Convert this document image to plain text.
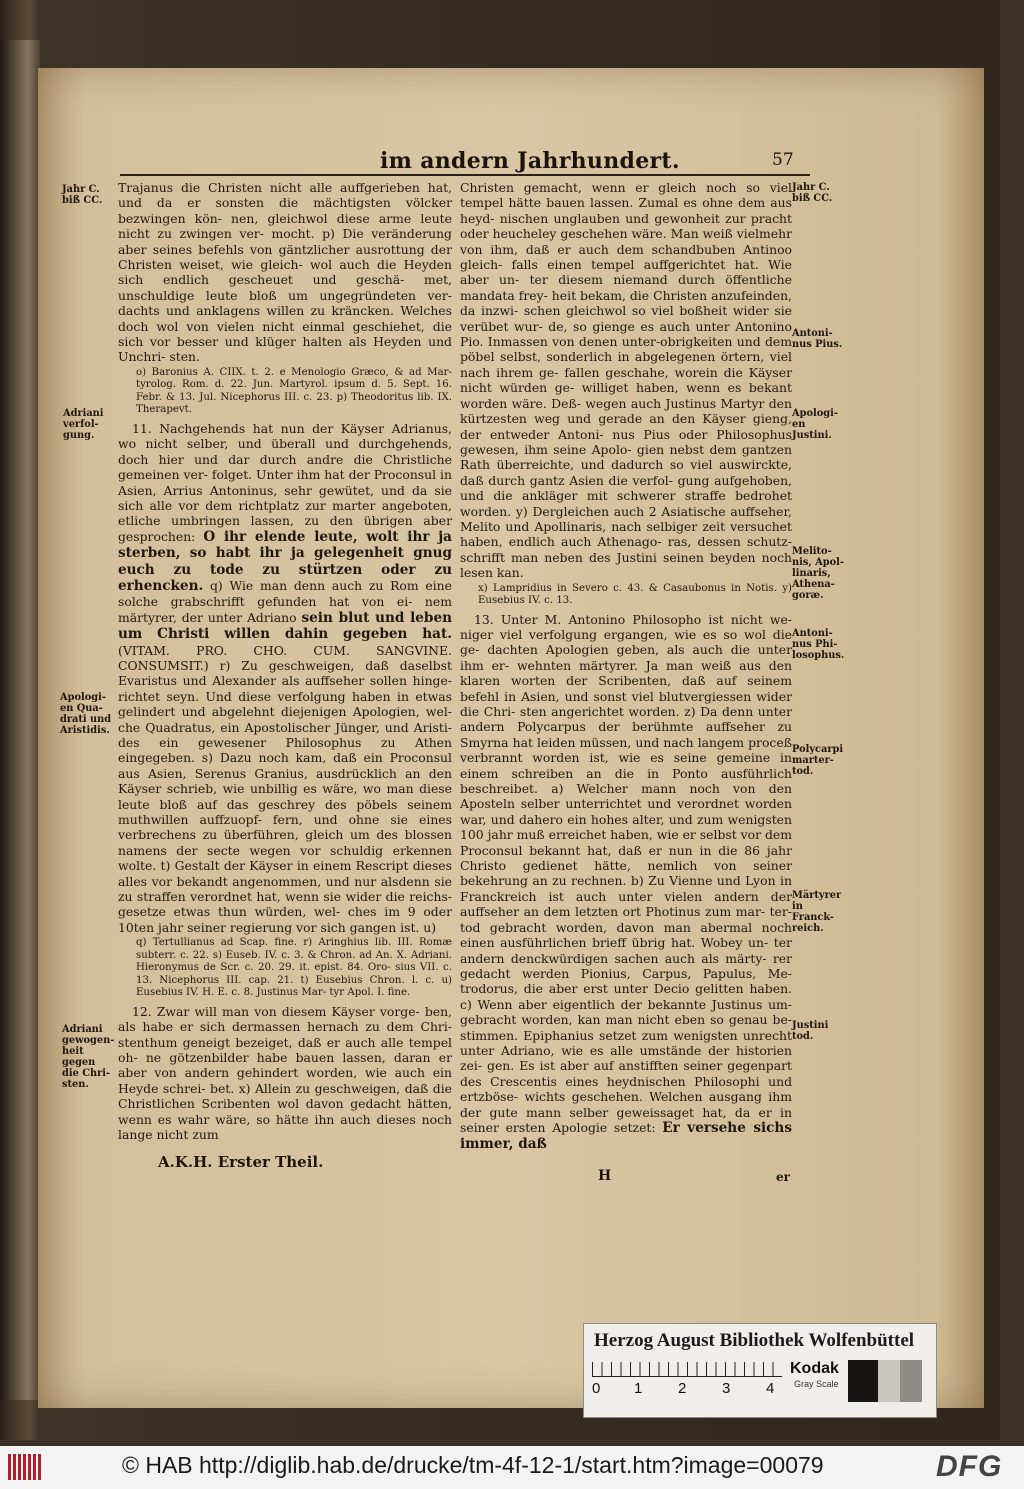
im andern Jahrhundert.	57
Jahr C. biß CC.
Adriani verfol- gung.
Apologi- en Qua- drati und Aristidis.
Adriani gewogen- heit gegen die Chri- sten.
Jahr C. biß CC.
Antoni- nus Pius.
Apologi- en Justini.
Melito- nis, Apol- linaris, Athena- goræ.
Antoni- nus Phi- losophus.
Polycarpi marter- tod.
Märtyrer in Franck- reich.
Justini tod.

Trajanus die Christen nicht alle auffgerieben hat, und da er sonsten die mächtigsten völcker bezwingen kön- nen, gleichwol diese arme leute nicht zu zwingen ver- mocht. p) Die veränderung aber seines befehls von gäntzlicher ausrottung der Christen weiset, wie gleich- wol auch die Heyden sich endlich gescheuet und geschä- met, unschuldige leute bloß um ungegründeten ver- dachts und anklagens willen zu kräncken. Welches doch wol von vielen nicht einmal geschiehet, die sich vor besser und klüger halten als Heyden und Unchri- sten.

o) Baronius A. CIIX. t. 2. e Menologio Græco, & ad Mar- tyrolog. Rom. d. 22. Jun. Martyrol. ipsum d. 5. Sept. 16. Febr. & 13. Jul. Nicephorus III. c. 23. p) Theodoritus lib. IX. Therapevt.

11. Nachgehends hat nun der Käyser Adrianus, wo nicht selber, und überall und durchgehends, doch hier und dar durch andre die Christliche gemeinen ver- folget. Unter ihm hat der Proconsul in Asien, Arrius Antoninus, sehr gewütet, und da sie sich alle vor dem richtplatz zur marter angeboten, etliche umbringen lassen, zu den übrigen aber gesprochen: O ihr elende leute, wolt ihr ja sterben, so habt ihr ja gelegenheit gnug euch zu tode zu stürtzen oder zu erhencken. q) Wie man denn auch zu Rom eine solche grabschrifft gefunden hat von ei- nem märtyrer, der unter Adriano sein blut und leben um Christi willen dahin gegeben hat. (VITAM. PRO. CHO. CUM. SANGVINE. CONSUMSIT.) r) Zu geschweigen, daß daselbst Evaristus und Alexander als auffseher sollen hinge- richtet seyn. Und diese verfolgung haben in etwas gelindert und abgelehnt diejenigen Apologien, wel- che Quadratus, ein Apostolischer Jünger, und Aristi- des ein gewesener Philosophus zu Athen eingegeben. s) Dazu noch kam, daß ein Proconsul aus Asien, Serenus Granius, ausdrücklich an den Käyser schrieb, wie unbillig es wäre, wo man diese leute bloß auf das geschrey des pöbels seinem muthwillen auffzuopf- fern, und ohne sie eines verbrechens zu überführen, gleich um des blossen namens der secte wegen vor schuldig erkennen wolte. t) Gestalt der Käyser in einem Rescript dieses alles vor bekandt angenommen, und nur alsdenn sie zu straffen verordnet hat, wenn sie wider die reichs-gesetze etwas thun würden, wel- ches im 9 oder 10ten jahr seiner regierung vor sich gangen ist. u)

q) Tertullianus ad Scap. fine. r) Aringhius lib. III. Romæ subterr. c. 22. s) Euseb. IV. c. 3. & Chron. ad An. X. Adriani. Hieronymus de Scr. c. 20. 29. it. epist. 84. Oro- sius VII. c. 13. Nicephorus III. cap. 21. t) Eusebius Chron. l. c. u) Eusebius IV. H. E. c. 8. Justinus Mar- tyr Apol. I. fine.

12. Zwar will man von diesem Käyser vorge- ben, als habe er sich dermassen hernach zu dem Chri- stenthum geneigt bezeiget, daß er auch alle tempel oh- ne götzenbilder habe bauen lassen, daran er aber von andern gehindert worden, wie auch ein Heyde schrei- bet. x) Allein zu geschweigen, daß die Christlichen Scribenten wol davon gedacht hätten, wenn es wahr wäre, so hätte ihn auch dieses noch lange nicht zum

Christen gemacht, wenn er gleich noch so viel tempel hätte bauen lassen. Zumal es ohne dem aus heyd- nischen unglauben und gewonheit zur pracht oder heucheley geschehen wäre. Man weiß vielmehr von ihm, daß er auch dem schandbuben Antinoo gleich- falls einen tempel auffgerichtet hat. Wie aber un- ter diesem niemand durch öffentliche mandata frey- heit bekam, die Christen anzufeinden, da inzwi- schen gleichwol so viel boßheit wider sie verübet wur- de, so gienge es auch unter Antonino Pio. Inmassen von denen unter-obrigkeiten und dem pöbel selbst, sonderlich in abgelegenen örtern, viel nach ihrem ge- fallen geschahe, worein die Käyser nicht würden ge- williget haben, wenn es bekant worden wäre. Deß- wegen auch Justinus Martyr den kürtzesten weg und gerade an den Käyser gieng, der entweder Antoni- nus Pius oder Philosophus gewesen, ihm seine Apolo- gien nebst dem gantzen Rath überreichte, und dadurch so viel auswirckte, daß durch gantz Asien die verfol- gung aufgehoben, und die ankläger mit schwerer straffe bedrohet worden. y) Dergleichen auch 2 Asiatische auffseher, Melito und Apollinaris, nach selbiger zeit versuchet haben, endlich auch Athenago- ras, dessen schutz-schrifft man neben des Justini seinen beyden noch lesen kan.

x) Lampridius in Severo c. 43. & Casaubonus in Notis. y) Eusebius IV. c. 13.

13. Unter M. Antonino Philosopho ist nicht we- niger viel verfolgung ergangen, wie es so wol die ge- dachten Apologien geben, als auch die unter ihm er- wehnten märtyrer. Ja man weiß aus den klaren worten der Scribenten, daß auf seinem befehl in Asien, und sonst viel blutvergiessen wider die Chri- sten angerichtet worden. z) Da denn unter andern Polycarpus der berühmte auffseher zu Smyrna hat leiden müssen, und nach langem proceß verbrannt worden ist, wie es seine gemeine in einem schreiben an die in Ponto ausführlich beschreibet. a) Welcher mann noch von den Aposteln selber unterrichtet und verordnet worden war, und dahero ein hohes alter, und zum wenigsten 100 jahr muß erreichet haben, wie er selbst vor dem Proconsul bekannt hat, daß er nun in die 86 jahr Christo gedienet hätte, nemlich von seiner bekehrung an zu rechnen. b) Zu Vienne und Lyon in Franckreich ist auch unter vielen andern der auffseher an dem letzten ort Photinus zum mar- ter-tod gebracht worden, davon man abermal noch einen ausführlichen brieff übrig hat. Wobey un- ter andern denckwürdigen sachen auch als märty- rer gedacht werden Pionius, Carpus, Papulus, Me- trodorus, die aber erst unter Decio gelitten haben. c) Wenn aber eigentlich der bekannte Justinus um- gebracht worden, kan man nicht eben so genau be- stimmen. Epiphanius setzet zum wenigsten unrecht unter Adriano, wie es alle umstände der historien zei- gen. Es ist aber auf anstifften seiner gegenpart des Crescentis eines heydnischen Philosophi und ertzböse- wichts geschehen. Welchen ausgang ihm der gute mann selber geweissaget hat, da er in seiner ersten Apologie setzet: Er versehe sichs immer, daß

A.K.H. Erster Theil.
H	er
Herzog August Bibliothek Wolfenbüttel
0 1 2 3 4
Kodak
Gray Scale
© HAB http://diglib.hab.de/drucke/tm-4f-12-1/start.htm?image=00079	DFG
